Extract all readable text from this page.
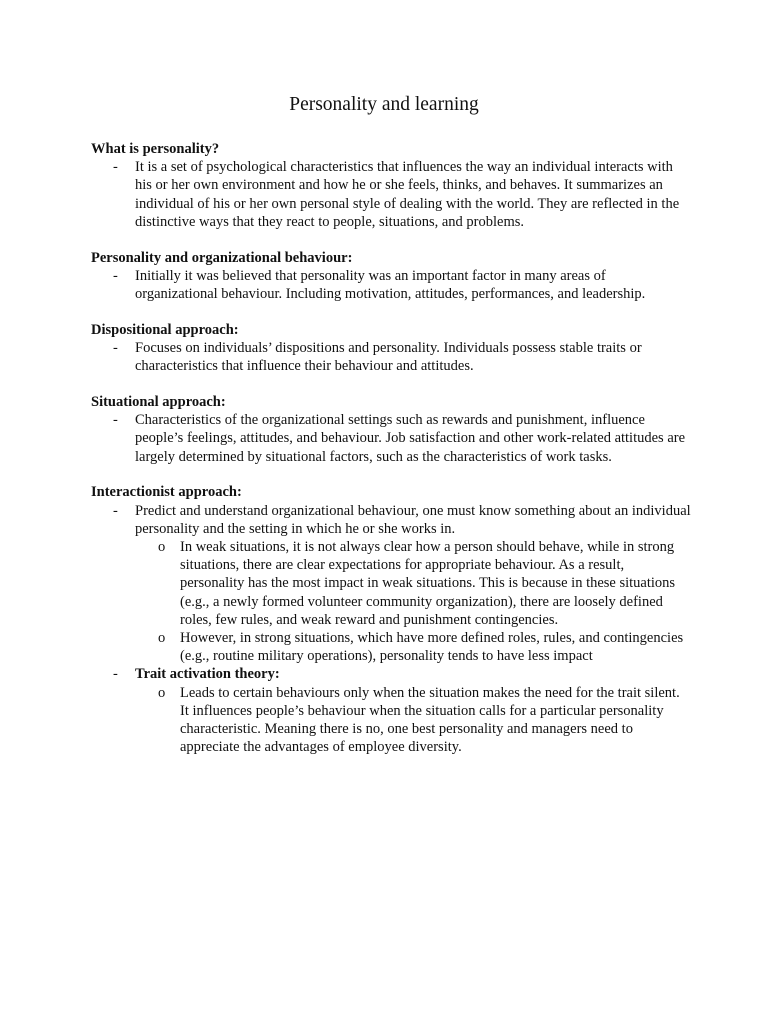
Personality and learning

What is personality?

- It is a set of psychological characteristics that influences the way an individual interacts with his or her own environment and how he or she feels, thinks, and behaves. It summarizes an individual of his or her own personal style of dealing with the world. They are reflected in the distinctive ways that they react to people, situations, and problems.

Personality and organizational behaviour:

- Initially it was believed that personality was an important factor in many areas of organizational behaviour. Including motivation, attitudes, performances, and leadership.

Dispositional approach:

- Focuses on individuals’ dispositions and personality. Individuals possess stable traits or characteristics that influence their behaviour and attitudes.

Situational approach:

- Characteristics of the organizational settings such as rewards and punishment, influence people’s feelings, attitudes, and behaviour. Job satisfaction and other work-related attitudes are largely determined by situational factors, such as the characteristics of work tasks.

Interactionist approach:

- Predict and understand organizational behaviour, one must know something about an individual personality and the setting in which he or she works in.
o In weak situations, it is not always clear how a person should behave, while in strong situations, there are clear expectations for appropriate behaviour. As a result, personality has the most impact in weak situations. This is because in these situations (e.g., a newly formed volunteer community organization), there are loosely defined roles, few rules, and weak reward and punishment contingencies.
o However, in strong situations, which have more defined roles, rules, and contingencies (e.g., routine military operations), personality tends to have less impact
- Trait activation theory:
o Leads to certain behaviours only when the situation makes the need for the trait silent. It influences people’s behaviour when the situation calls for a particular personality characteristic. Meaning there is no, one best personality and managers need to appreciate the advantages of employee diversity.
